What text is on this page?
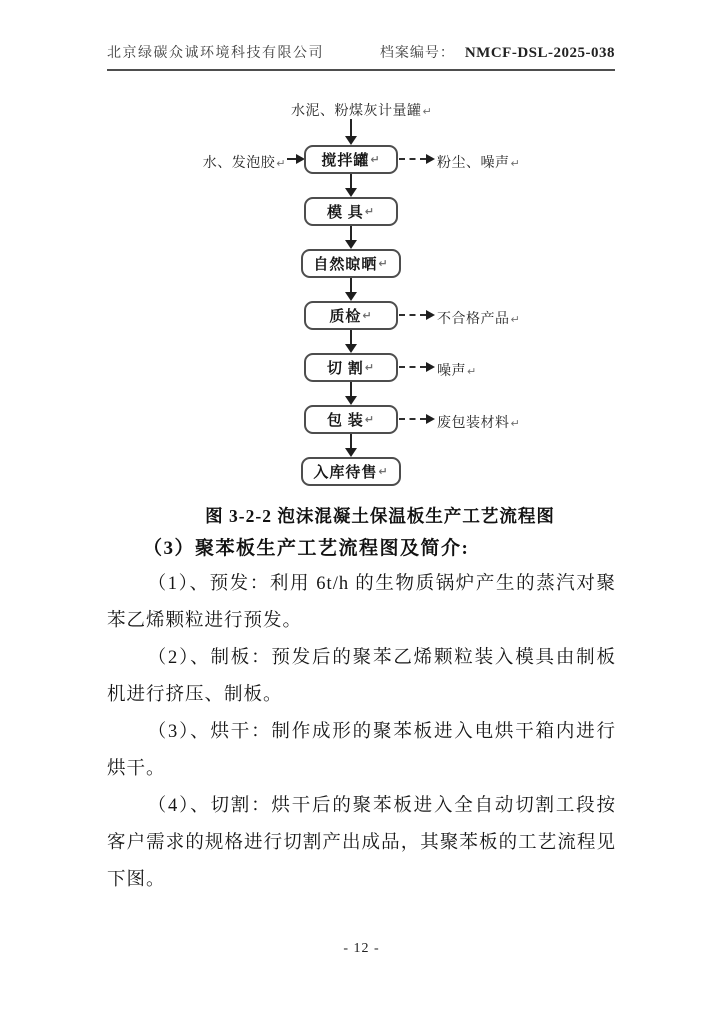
北京绿碳众诚环境科技有限公司	档案编号： NMCF-DSL-2025-038
水泥、粉煤灰计量罐↵
水、发泡胶↵ 搅拌罐 ↵	粉尘、噪声↵
模 具 ↵
自然晾晒 ↵
质检 ↵	不合格产品↵
切 割 ↵	噪声↵
包 装 ↵	废包装材料↵
入库待售 ↵
图 3-2-2 泡沫混凝土保温板生产工艺流程图

（3）聚苯板生产工艺流程图及简介:

（1）、预发：利用 6t/h 的生物质锅炉产生的蒸汽对聚苯乙烯颗粒进行预发。

（2）、制板：预发后的聚苯乙烯颗粒装入模具由制板机进行挤压、制板。

（3）、烘干：制作成形的聚苯板进入电烘干箱内进行烘干。

（4）、切割：烘干后的聚苯板进入全自动切割工段按客户需求的规格进行切割产出成品，其聚苯板的工艺流程见下图。

- 12 -
